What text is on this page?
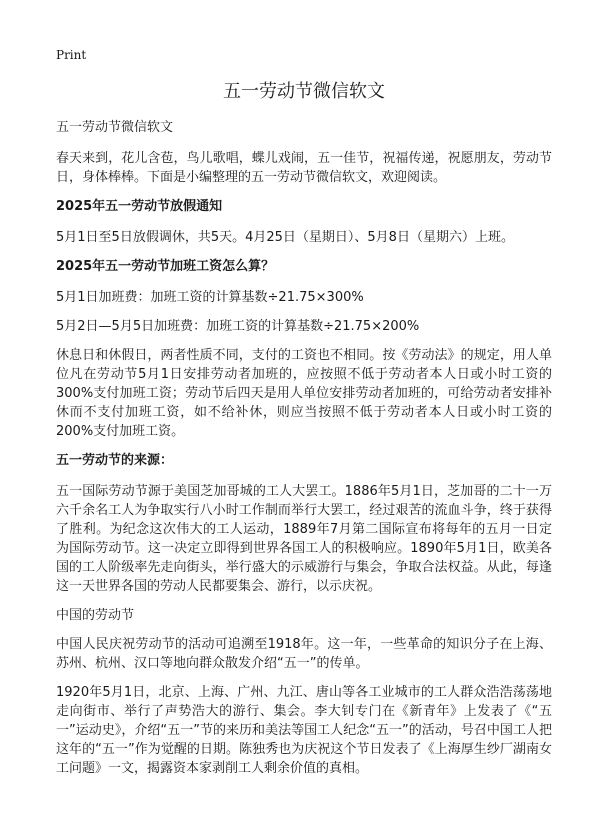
Print
五一劳动节微信软文

五一劳动节微信软文

春天来到，花儿含苞，鸟儿歌唱，蝶儿戏闹，五一佳节，祝福传递，祝愿朋友，劳动节日，身体棒棒。下面是小编整理的五一劳动节微信软文，欢迎阅读。

2025年五一劳动节放假通知

5月1日至5日放假调休，共5天。4月25日（星期日）、5月8日（星期六）上班。

2025年五一劳动节加班工资怎么算？

5月1日加班费：加班工资的计算基数÷21.75×300%

5月2日—5月5日加班费：加班工资的计算基数÷21.75×200%

休息日和休假日，两者性质不同，支付的工资也不相同。按《劳动法》的规定，用人单位凡在劳动节5月1日安排劳动者加班的，应按照不低于劳动者本人日或小时工资的300%支付加班工资；劳动节后四天是用人单位安排劳动者加班的，可给劳动者安排补休而不支付加班工资，如不给补休，则应当按照不低于劳动者本人日或小时工资的200%支付加班工资。

五一劳动节的来源：

五一国际劳动节源于美国芝加哥城的工人大罢工。1886年5月1日，芝加哥的二十一万六千余名工人为争取实行八小时工作制而举行大罢工，经过艰苦的流血斗争，终于获得了胜利。为纪念这次伟大的工人运动，1889年7月第二国际宣布将每年的五月一日定为国际劳动节。这一决定立即得到世界各国工人的积极响应。1890年5月1日，欧美各国的工人阶级率先走向街头，举行盛大的示威游行与集会，争取合法权益。从此，每逢这一天世界各国的劳动人民都要集会、游行，以示庆祝。

中国的劳动节

中国人民庆祝劳动节的活动可追溯至1918年。这一年，一些革命的知识分子在上海、苏州、杭州、汉口等地向群众散发介绍“五一”的传单。

1920年5月1日，北京、上海、广州、九江、唐山等各工业城市的工人群众浩浩荡荡地走向街市、举行了声势浩大的游行、集会。李大钊专门在《新青年》上发表了《“五一”运动史》，介绍“五一”节的来历和美法等国工人纪念“五一”的活动，号召中国工人把这年的“五一”作为觉醒的日期。陈独秀也为庆祝这个节日发表了《上海厚生纱厂湖南女工问题》一文，揭露资本家剥削工人剩余价值的真相。
